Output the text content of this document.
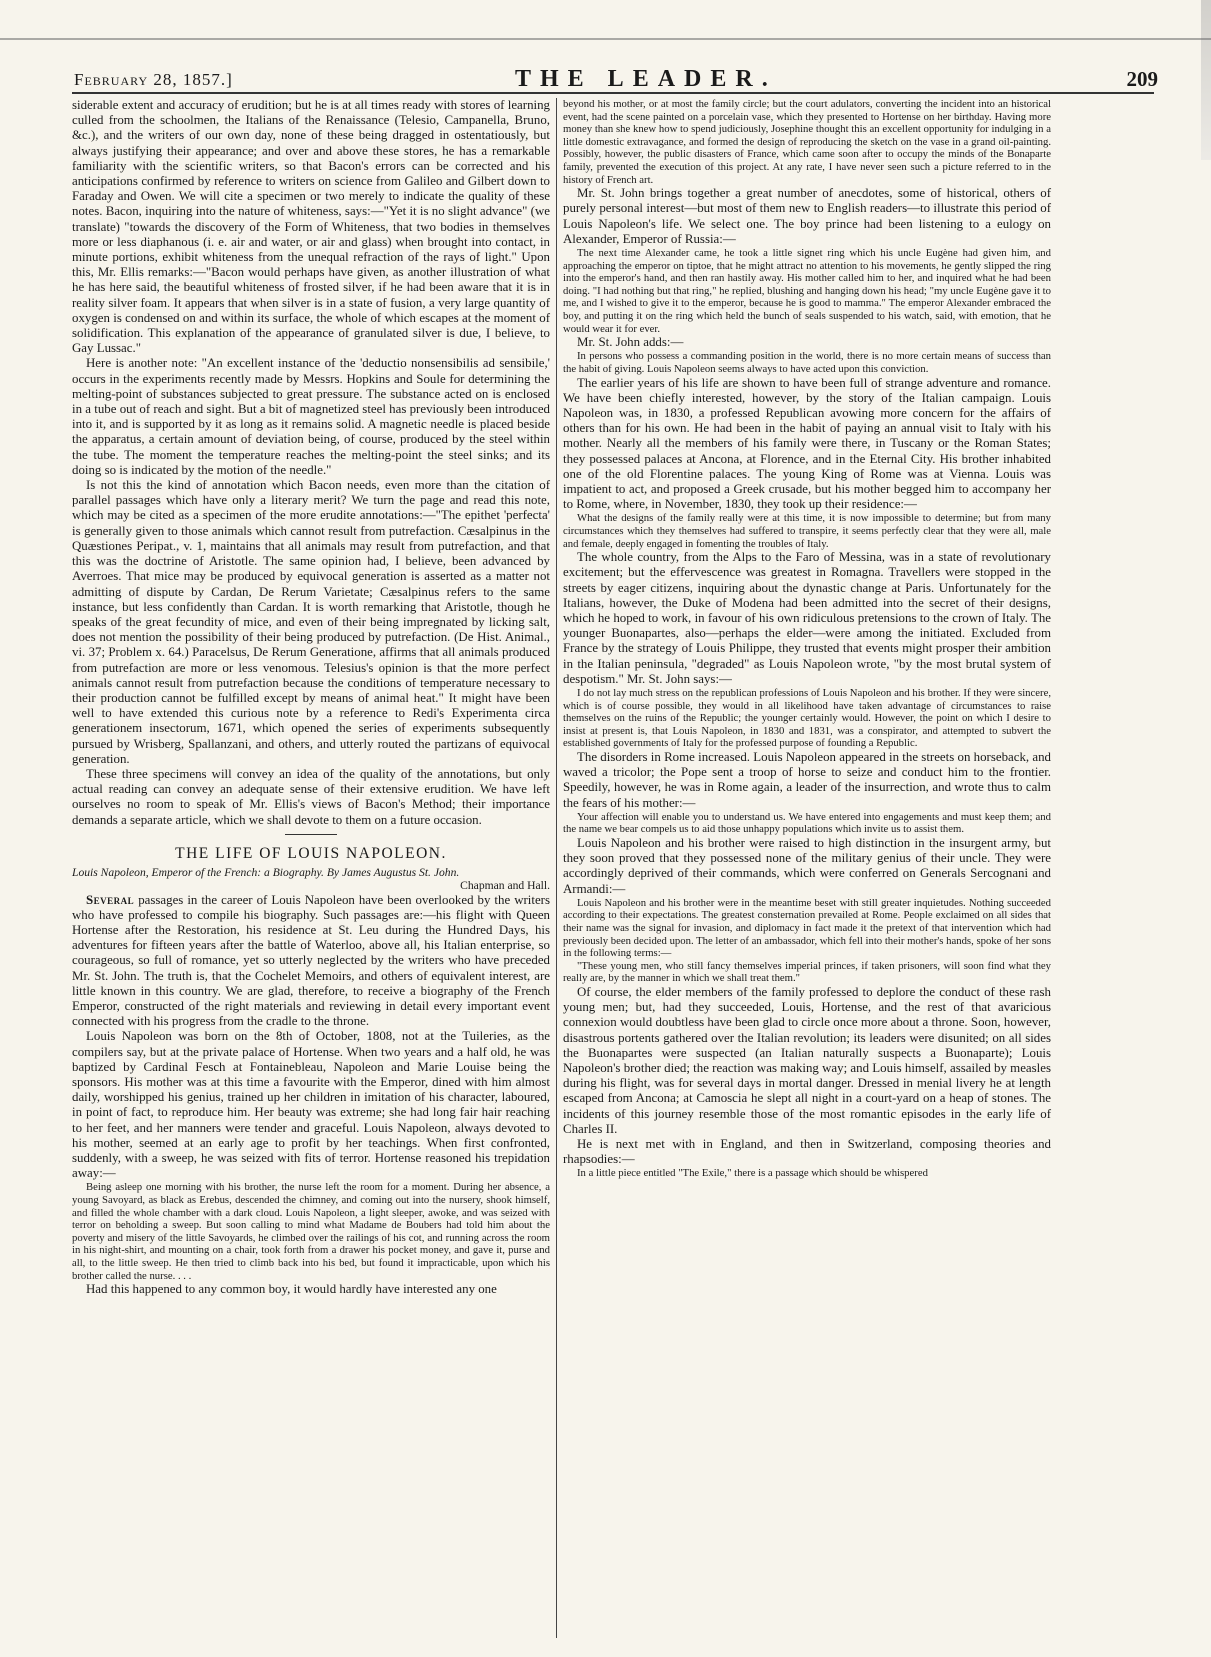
February 28, 1857.]	THE LEADER.	209

siderable extent and accuracy of erudition; but he is at all times ready with stores of learning culled from the schoolmen, the Italians of the Renaissance (Telesio, Campanella, Bruno, &c.), and the writers of our own day, none of these being dragged in ostentatiously, but always justifying their appearance; and over and above these stores, he has a remarkable familiarity with the scientific writers, so that Bacon's errors can be corrected and his anticipations confirmed by reference to writers on science from Galileo and Gilbert down to Faraday and Owen. We will cite a specimen or two merely to indicate the quality of these notes. Bacon, inquiring into the nature of whiteness, says:—"Yet it is no slight advance" (we translate) "towards the discovery of the Form of Whiteness, that two bodies in themselves more or less diaphanous (i. e. air and water, or air and glass) when brought into contact, in minute portions, exhibit whiteness from the unequal refraction of the rays of light." Upon this, Mr. Ellis remarks:—"Bacon would perhaps have given, as another illustration of what he has here said, the beautiful whiteness of frosted silver, if he had been aware that it is in reality silver foam. It appears that when silver is in a state of fusion, a very large quantity of oxygen is condensed on and within its surface, the whole of which escapes at the moment of solidification. This explanation of the appearance of granulated silver is due, I believe, to Gay Lussac."

Here is another note: "An excellent instance of the 'deductio nonsensibilis ad sensibile,' occurs in the experiments recently made by Messrs. Hopkins and Soule for determining the melting-point of substances subjected to great pressure. The substance acted on is enclosed in a tube out of reach and sight. But a bit of magnetized steel has previously been introduced into it, and is supported by it as long as it remains solid. A magnetic needle is placed beside the apparatus, a certain amount of deviation being, of course, produced by the steel within the tube. The moment the temperature reaches the melting-point the steel sinks; and its doing so is indicated by the motion of the needle."

Is not this the kind of annotation which Bacon needs, even more than the citation of parallel passages which have only a literary merit? We turn the page and read this note, which may be cited as a specimen of the more erudite annotations:—"The epithet 'perfecta' is generally given to those animals which cannot result from putrefaction. Cæsalpinus in the Quæstiones Peripat., v. 1, maintains that all animals may result from putrefaction, and that this was the doctrine of Aristotle. The same opinion had, I believe, been advanced by Averroes. That mice may be produced by equivocal generation is asserted as a matter not admitting of dispute by Cardan, De Rerum Varietate; Cæsalpinus refers to the same instance, but less confidently than Cardan. It is worth remarking that Aristotle, though he speaks of the great fecundity of mice, and even of their being impregnated by licking salt, does not mention the possibility of their being produced by putrefaction. (De Hist. Animal., vi. 37; Problem x. 64.) Paracelsus, De Rerum Generatione, affirms that all animals produced from putrefaction are more or less venomous. Telesius's opinion is that the more perfect animals cannot result from putrefaction because the conditions of temperature necessary to their production cannot be fulfilled except by means of animal heat." It might have been well to have extended this curious note by a reference to Redi's Experimenta circa generationem insectorum, 1671, which opened the series of experiments subsequently pursued by Wrisberg, Spallanzani, and others, and utterly routed the partizans of equivocal generation.

These three specimens will convey an idea of the quality of the annotations, but only actual reading can convey an adequate sense of their extensive erudition. We have left ourselves no room to speak of Mr. Ellis's views of Bacon's Method; their importance demands a separate article, which we shall devote to them on a future occasion.

THE LIFE OF LOUIS NAPOLEON.

Louis Napoleon, Emperor of the French: a Biography. By James Augustus St. John.

Chapman and Hall.

Several passages in the career of Louis Napoleon have been overlooked by the writers who have professed to compile his biography. Such passages are:—his flight with Queen Hortense after the Restoration, his residence at St. Leu during the Hundred Days, his adventures for fifteen years after the battle of Waterloo, above all, his Italian enterprise, so courageous, so full of romance, yet so utterly neglected by the writers who have preceded Mr. St. John. The truth is, that the Cochelet Memoirs, and others of equivalent interest, are little known in this country. We are glad, therefore, to receive a biography of the French Emperor, constructed of the right materials and reviewing in detail every important event connected with his progress from the cradle to the throne.

Louis Napoleon was born on the 8th of October, 1808, not at the Tuileries, as the compilers say, but at the private palace of Hortense. When two years and a half old, he was baptized by Cardinal Fesch at Fontainebleau, Napoleon and Marie Louise being the sponsors. His mother was at this time a favourite with the Emperor, dined with him almost daily, worshipped his genius, trained up her children in imitation of his character, laboured, in point of fact, to reproduce him. Her beauty was extreme; she had long fair hair reaching to her feet, and her manners were tender and graceful. Louis Napoleon, always devoted to his mother, seemed at an early age to profit by her teachings. When first confronted, suddenly, with a sweep, he was seized with fits of terror. Hortense reasoned his trepidation away:—

Being asleep one morning with his brother, the nurse left the room for a moment. During her absence, a young Savoyard, as black as Erebus, descended the chimney, and coming out into the nursery, shook himself, and filled the whole chamber with a dark cloud. Louis Napoleon, a light sleeper, awoke, and was seized with terror on beholding a sweep. But soon calling to mind what Madame de Boubers had told him about the poverty and misery of the little Savoyards, he climbed over the railings of his cot, and running across the room in his night-shirt, and mounting on a chair, took forth from a drawer his pocket money, and gave it, purse and all, to the little sweep. He then tried to climb back into his bed, but found it impracticable, upon which his brother called the nurse. . . .

Had this happened to any common boy, it would hardly have interested any one

beyond his mother, or at most the family circle; but the court adulators, converting the incident into an historical event, had the scene painted on a porcelain vase, which they presented to Hortense on her birthday. Having more money than she knew how to spend judiciously, Josephine thought this an excellent opportunity for indulging in a little domestic extravagance, and formed the design of reproducing the sketch on the vase in a grand oil-painting. Possibly, however, the public disasters of France, which came soon after to occupy the minds of the Bonaparte family, prevented the execution of this project. At any rate, I have never seen such a picture referred to in the history of French art.

Mr. St. John brings together a great number of anecdotes, some of historical, others of purely personal interest—but most of them new to English readers—to illustrate this period of Louis Napoleon's life. We select one. The boy prince had been listening to a eulogy on Alexander, Emperor of Russia:—

The next time Alexander came, he took a little signet ring which his uncle Eugène had given him, and approaching the emperor on tiptoe, that he might attract no attention to his movements, he gently slipped the ring into the emperor's hand, and then ran hastily away. His mother called him to her, and inquired what he had been doing. "I had nothing but that ring," he replied, blushing and hanging down his head; "my uncle Eugène gave it to me, and I wished to give it to the emperor, because he is good to mamma." The emperor Alexander embraced the boy, and putting it on the ring which held the bunch of seals suspended to his watch, said, with emotion, that he would wear it for ever.

Mr. St. John adds:—

In persons who possess a commanding position in the world, there is no more certain means of success than the habit of giving. Louis Napoleon seems always to have acted upon this conviction.

The earlier years of his life are shown to have been full of strange adventure and romance. We have been chiefly interested, however, by the story of the Italian campaign. Louis Napoleon was, in 1830, a professed Republican avowing more concern for the affairs of others than for his own. He had been in the habit of paying an annual visit to Italy with his mother. Nearly all the members of his family were there, in Tuscany or the Roman States; they possessed palaces at Ancona, at Florence, and in the Eternal City. His brother inhabited one of the old Florentine palaces. The young King of Rome was at Vienna. Louis was impatient to act, and proposed a Greek crusade, but his mother begged him to accompany her to Rome, where, in November, 1830, they took up their residence:—

What the designs of the family really were at this time, it is now impossible to determine; but from many circumstances which they themselves had suffered to transpire, it seems perfectly clear that they were all, male and female, deeply engaged in fomenting the troubles of Italy.

The whole country, from the Alps to the Faro of Messina, was in a state of revolutionary excitement; but the effervescence was greatest in Romagna. Travellers were stopped in the streets by eager citizens, inquiring about the dynastic change at Paris. Unfortunately for the Italians, however, the Duke of Modena had been admitted into the secret of their designs, which he hoped to work, in favour of his own ridiculous pretensions to the crown of Italy. The younger Buonapartes, also—perhaps the elder—were among the initiated. Excluded from France by the strategy of Louis Philippe, they trusted that events might prosper their ambition in the Italian peninsula, "degraded" as Louis Napoleon wrote, "by the most brutal system of despotism." Mr. St. John says:—

I do not lay much stress on the republican professions of Louis Napoleon and his brother. If they were sincere, which is of course possible, they would in all likelihood have taken advantage of circumstances to raise themselves on the ruins of the Republic; the younger certainly would. However, the point on which I desire to insist at present is, that Louis Napoleon, in 1830 and 1831, was a conspirator, and attempted to subvert the established governments of Italy for the professed purpose of founding a Republic.

The disorders in Rome increased. Louis Napoleon appeared in the streets on horseback, and waved a tricolor; the Pope sent a troop of horse to seize and conduct him to the frontier. Speedily, however, he was in Rome again, a leader of the insurrection, and wrote thus to calm the fears of his mother:—

Your affection will enable you to understand us. We have entered into engagements and must keep them; and the name we bear compels us to aid those unhappy populations which invite us to assist them.

Louis Napoleon and his brother were raised to high distinction in the insurgent army, but they soon proved that they possessed none of the military genius of their uncle. They were accordingly deprived of their commands, which were conferred on Generals Sercognani and Armandi:—

Louis Napoleon and his brother were in the meantime beset with still greater inquietudes. Nothing succeeded according to their expectations. The greatest consternation prevailed at Rome. People exclaimed on all sides that their name was the signal for invasion, and diplomacy in fact made it the pretext of that intervention which had previously been decided upon. The letter of an ambassador, which fell into their mother's hands, spoke of her sons in the following terms:—

"These young men, who still fancy themselves imperial princes, if taken prisoners, will soon find what they really are, by the manner in which we shall treat them."

Of course, the elder members of the family professed to deplore the conduct of these rash young men; but, had they succeeded, Louis, Hortense, and the rest of that avaricious connexion would doubtless have been glad to circle once more about a throne. Soon, however, disastrous portents gathered over the Italian revolution; its leaders were disunited; on all sides the Buonapartes were suspected (an Italian naturally suspects a Buonaparte); Louis Napoleon's brother died; the reaction was making way; and Louis himself, assailed by measles during his flight, was for several days in mortal danger. Dressed in menial livery he at length escaped from Ancona; at Camoscia he slept all night in a court-yard on a heap of stones. The incidents of this journey resemble those of the most romantic episodes in the early life of Charles II.

He is next met with in England, and then in Switzerland, composing theories and rhapsodies:—

In a little piece entitled "The Exile," there is a passage which should be whispered
